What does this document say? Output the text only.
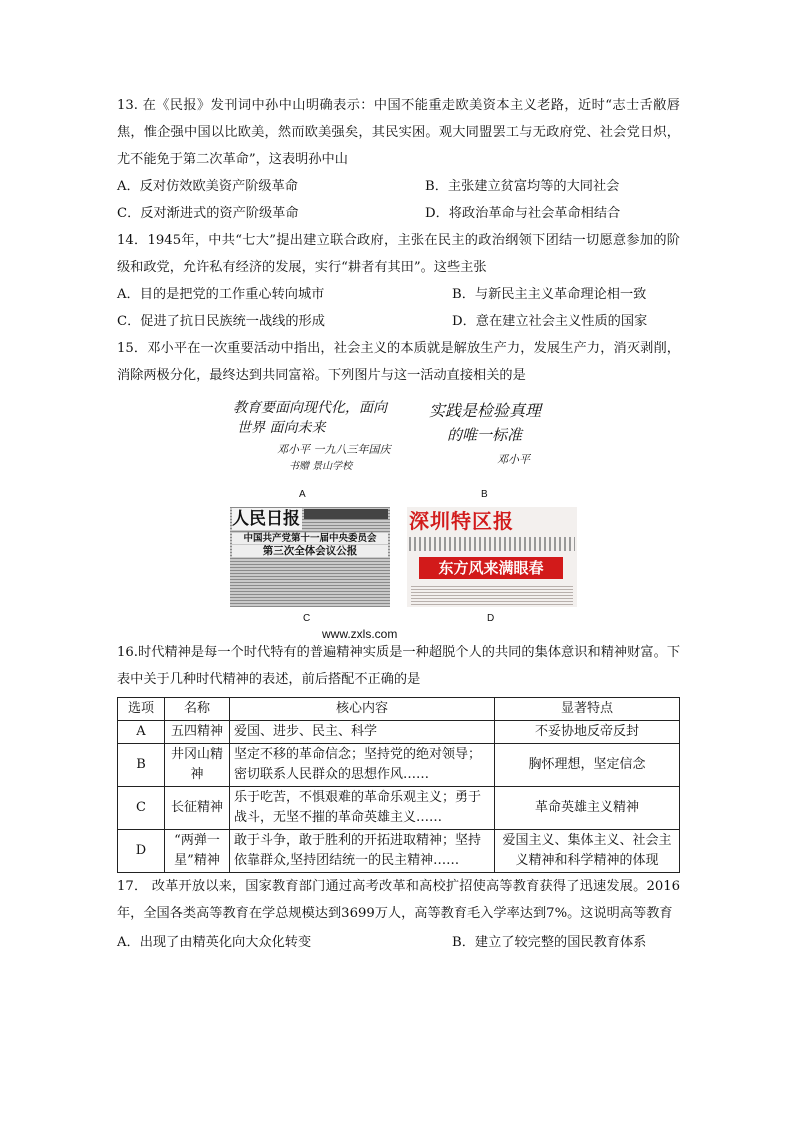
13. 在《民报》发刊词中孙中山明确表示：中国不能重走欧美资本主义老路，近时“志士舌敝唇焦，惟企强中国以比欧美，然而欧美强矣，其民实困。观大同盟罢工与无政府党、社会党日炽，尤不能免于第二次革命”，这表明孙中山

A．反对仿效欧美资产阶级革命	B．主张建立贫富均等的大同社会
C．反对渐进式的资产阶级革命	D．将政治革命与社会革命相结合

14．1945年，中共“七大”提出建立联合政府，主张在民主的政治纲领下团结一切愿意参加的阶级和政党，允许私有经济的发展，实行“耕者有其田”。这些主张

A．目的是把党的工作重心转向城市	B．与新民主主义革命理论相一致
C．促进了抗日民族统一战线的形成	D．意在建立社会主义性质的国家

15．邓小平在一次重要活动中指出，社会主义的本质就是解放生产力，发展生产力，消灭剥削，消除两极分化，最终达到共同富裕。下列图片与这一活动直接相关的是

教育要面向现代化，面向
世界 面向未来
邓小平 一九八三年国庆
书赠 景山学校
A
实践是检验真理
的唯一标准
邓小平
B
人民日报
中国共产党第十一届中央委员会
第三次全体会议公报
C
深圳特区报
东方风来满眼春
D
www.zxls.com

16.时代精神是每一个时代特有的普遍精神实质是一种超脱个人的共同的集体意识和精神财富。下表中关于几种时代精神的表述，前后搭配不正确的是

选项	名称	核心内容	显著特点
A	五四精神	爱国、进步、民主、科学	不妥协地反帝反封
B	井冈山精神	坚定不移的革命信念；坚持党的绝对领导；密切联系人民群众的思想作风……	胸怀理想，坚定信念
C	长征精神	乐于吃苦，不惧艰难的革命乐观主义；勇于战斗，无坚不摧的革命英雄主义……	革命英雄主义精神
D	“两弹一星”精神	敢于斗争，敢于胜利的开拓进取精神；坚持依靠群众,坚持团结统一的民主精神……	爱国主义、集体主义、社会主义精神和科学精神的体现

17． 改革开放以来，国家教育部门通过高考改革和高校扩招使高等教育获得了迅速发展。2016年，全国各类高等教育在学总规模达到3699万人，高等教育毛入学率达到7%。这说明高等教育

A．出现了由精英化向大众化转变	B．建立了较完整的国民教育体系
